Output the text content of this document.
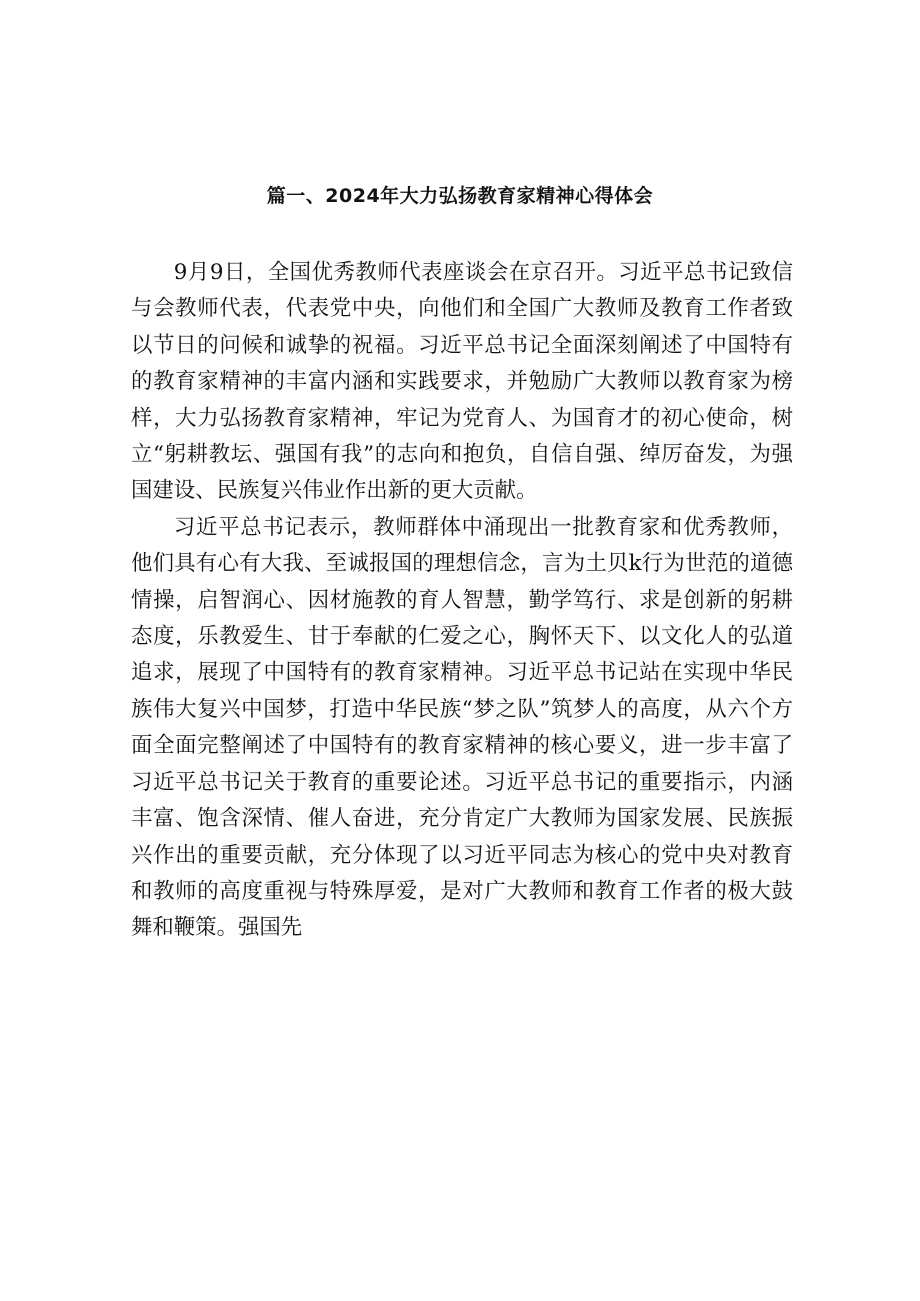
篇一、2024年大力弘扬教育家精神心得体会

9月9日，全国优秀教师代表座谈会在京召开。习近平总书记致信与会教师代表，代表党中央，向他们和全国广大教师及教育工作者致以节日的问候和诚挚的祝福。习近平总书记全面深刻阐述了中国特有的教育家精神的丰富内涵和实践要求，并勉励广大教师以教育家为榜样，大力弘扬教育家精神，牢记为党育人、为国育才的初心使命，树立“躬耕教坛、强国有我”的志向和抱负，自信自强、绰厉奋发，为强国建设、民族复兴伟业作出新的更大贡献。

习近平总书记表示，教师群体中涌现出一批教育家和优秀教师，他们具有心有大我、至诚报国的理想信念，言为土贝k行为世范的道德情操，启智润心、因材施教的育人智慧，勤学笃行、求是创新的躬耕态度，乐教爱生、甘于奉献的仁爱之心，胸怀天下、以文化人的弘道追求，展现了中国特有的教育家精神。习近平总书记站在实现中华民族伟大复兴中国梦，打造中华民族“梦之队”筑梦人的高度，从六个方面全面完整阐述了中国特有的教育家精神的核心要义，进一步丰富了习近平总书记关于教育的重要论述。习近平总书记的重要指示，内涵丰富、饱含深情、催人奋进，充分肯定广大教师为国家发展、民族振兴作出的重要贡献，充分体现了以习近平同志为核心的党中央对教育和教师的高度重视与特殊厚爱，是对广大教师和教育工作者的极大鼓舞和鞭策。强国先
